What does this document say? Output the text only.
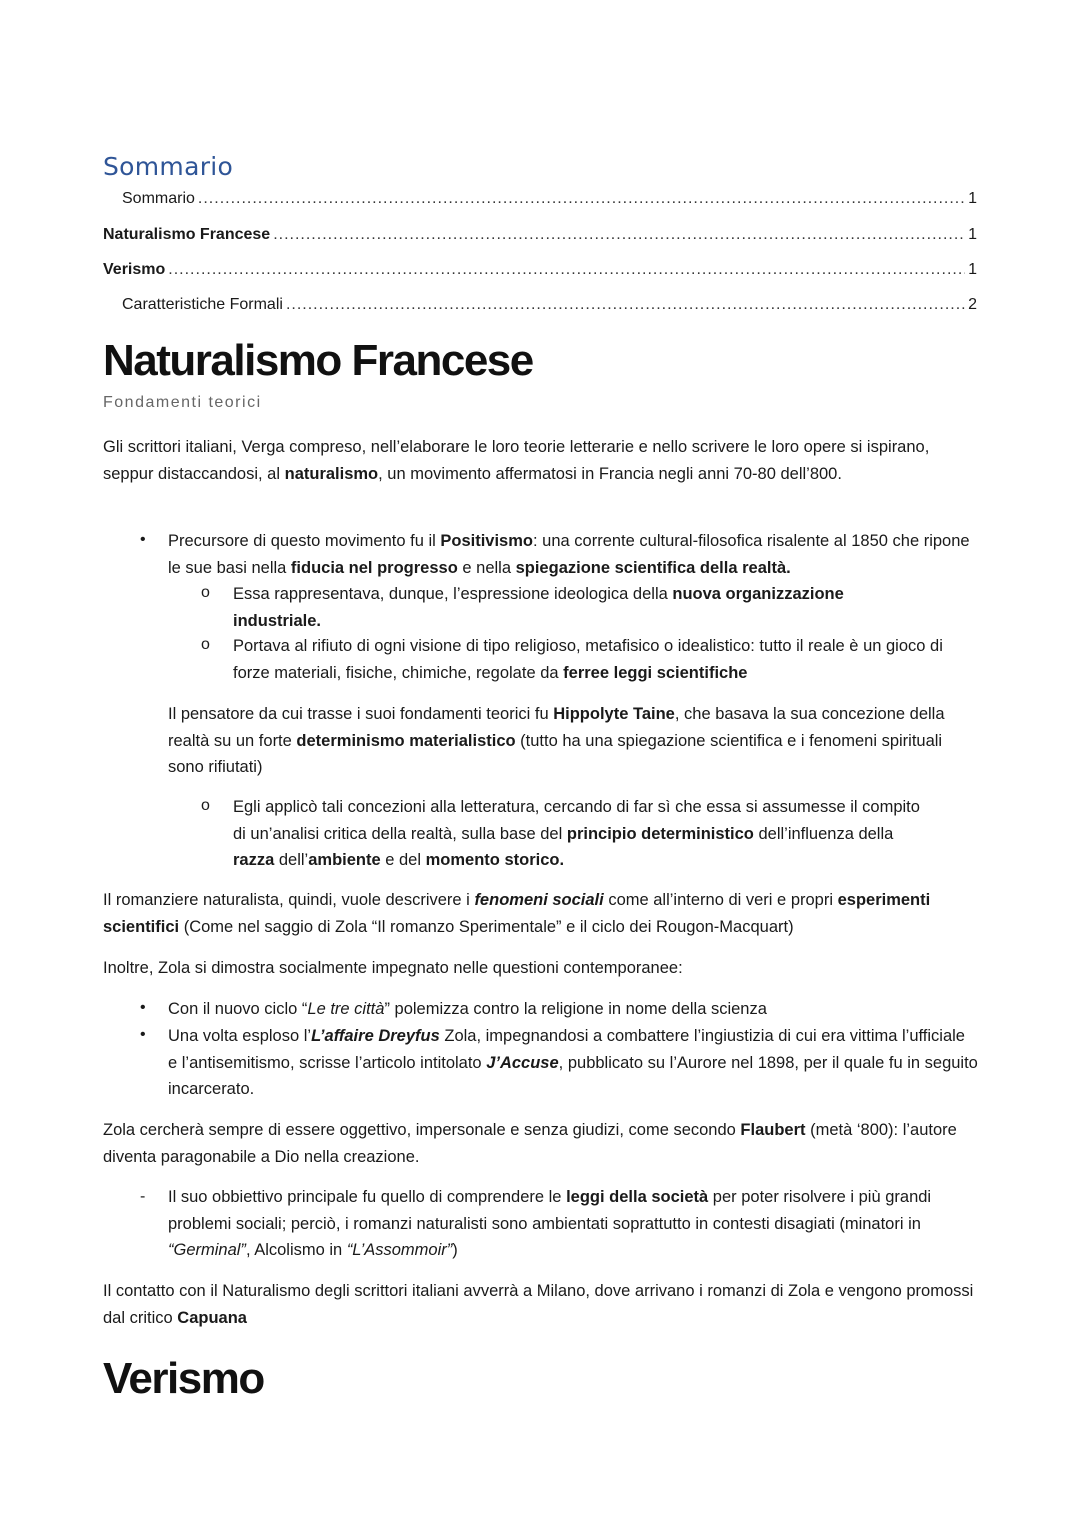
Sommario
Sommario .....	1
Naturalismo Francese .....	1
Verismo .....	1
Caratteristiche Formali .....	2
Naturalismo Francese
Fondamenti teorici

Gli scrittori italiani, Verga compreso, nell’elaborare le loro teorie letterarie e nello scrivere le loro opere si ispirano, seppur distaccandosi, al naturalismo, un movimento affermatosi in Francia negli anni 70-80 dell’800.

• Precursore di questo movimento fu il Positivismo: una corrente cultural-filosofica risalente al 1850 che ripone le sue basi nella fiducia nel progresso e nella spiegazione scientifica della realtà.

o Essa rappresentava, dunque, l’espressione ideologica della nuova organizzazione industriale.

o Portava al rifiuto di ogni visione di tipo religioso, metafisico o idealistico: tutto il reale è un gioco di forze materiali, fisiche, chimiche, regolate da ferree leggi scientifiche

Il pensatore da cui trasse i suoi fondamenti teorici fu Hippolyte Taine, che basava la sua concezione della realtà su un forte determinismo materialistico (tutto ha una spiegazione scientifica e i fenomeni spirituali sono rifiutati)

o Egli applicò tali concezioni alla letteratura, cercando di far sì che essa si assumesse il compito di un’analisi critica della realtà, sulla base del principio deterministico dell’influenza della razza dell’ambiente e del momento storico.

Il romanziere naturalista, quindi, vuole descrivere i fenomeni sociali come all’interno di veri e propri esperimenti scientifici (Come nel saggio di Zola “Il romanzo Sperimentale” e il ciclo dei Rougon-Macquart)

Inoltre, Zola si dimostra socialmente impegnato nelle questioni contemporanee:

• Con il nuovo ciclo “Le tre città” polemizza contro la religione in nome della scienza

• Una volta esploso l’L’affaire Dreyfus Zola, impegnandosi a combattere l’ingiustizia di cui era vittima l’ufficiale e l’antisemitismo, scrisse l’articolo intitolato J’Accuse, pubblicato su l’Aurore nel 1898, per il quale fu in seguito incarcerato.

Zola cercherà sempre di essere oggettivo, impersonale e senza giudizi, come secondo Flaubert (metà ‘800): l’autore diventa paragonabile a Dio nella creazione.

- Il suo obbiettivo principale fu quello di comprendere le leggi della società per poter risolvere i più grandi problemi sociali; perciò, i romanzi naturalisti sono ambientati soprattutto in contesti disagiati (minatori in “Germinal”, Alcolismo in “L’Assommoir”)

Il contatto con il Naturalismo degli scrittori italiani avverrà a Milano, dove arrivano i romanzi di Zola e vengono promossi dal critico Capuana

Verismo
